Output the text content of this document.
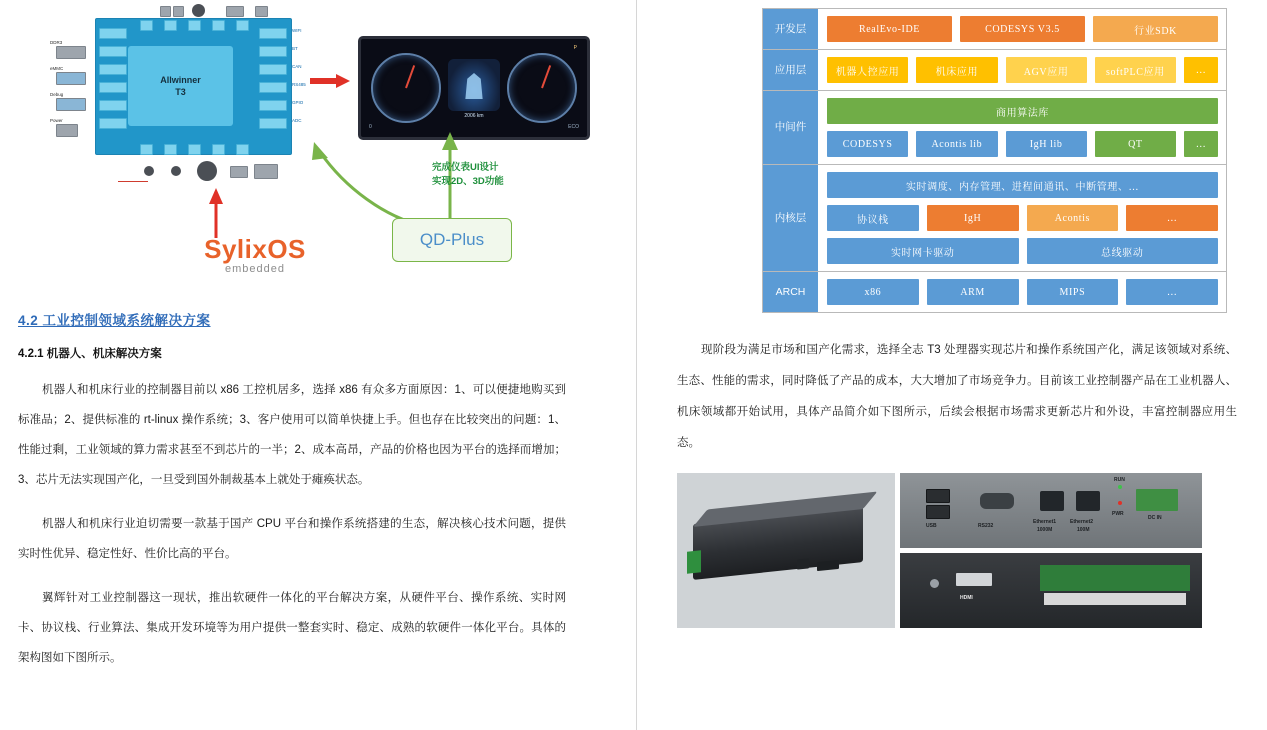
Allwinner
T3
WIFI
BT
CAN
RS485
GPIO
ADC
DDR3
eMMC
Debug
Power
P
2006 km
0	ECO
完成仪表UI设计
实现2D、3D功能
SylixOS
embedded
QD-Plus
4.2 工业控制领域系统解决方案
4.2.1 机器人、机床解决方案

机器人和机床行业的控制器目前以 x86 工控机居多，选择 x86 有众多方面原因：1、可以便捷地购买到标准品；2、提供标准的 rt-linux 操作系统；3、客户使用可以简单快捷上手。但也存在比较突出的问题：1、性能过剩，工业领域的算力需求甚至不到芯片的一半；2、成本高昂，产品的价格也因为平台的选择而增加；3、芯片无法实现国产化，一旦受到国外制裁基本上就处于瘫痪状态。

机器人和机床行业迫切需要一款基于国产 CPU 平台和操作系统搭建的生态，解决核心技术问题，提供实时性优异、稳定性好、性价比高的平台。

翼辉针对工业控制器这一现状，推出软硬件一体化的平台解决方案，从硬件平台、操作系统、实时网卡、协议栈、行业算法、集成开发环境等为用户提供一整套实时、稳定、成熟的软硬件一体化平台。具体的架构图如下图所示。

开发层	RealEvo-IDE	CODESYS V3.5	行业SDK
应用层	机器人控应用	机床应用	AGV应用	softPLC应用	…
中间件
商用算法库
CODESYS	Acontis lib	IgH lib	QT	…
内核层
实时调度、内存管理、进程间通讯、中断管理、…
协议栈	IgH	Acontis	…
实时网卡驱动	总线驱动
ARCH	x86	ARM	MIPS	…

现阶段为满足市场和国产化需求，选择全志 T3 处理器实现芯片和操作系统国产化，满足该领域对系统、生态、性能的需求，同时降低了产品的成本，大大增加了市场竞争力。目前该工业控制器产品在工业机器人、机床领域都开始试用，具体产品简介如下图所示，后续会根据市场需求更新芯片和外设，丰富控制器应用生态。

USB	RS232
Ethernet1
1000M
Ethernet2
100M
RUN
PWR
DC IN
HDMI
